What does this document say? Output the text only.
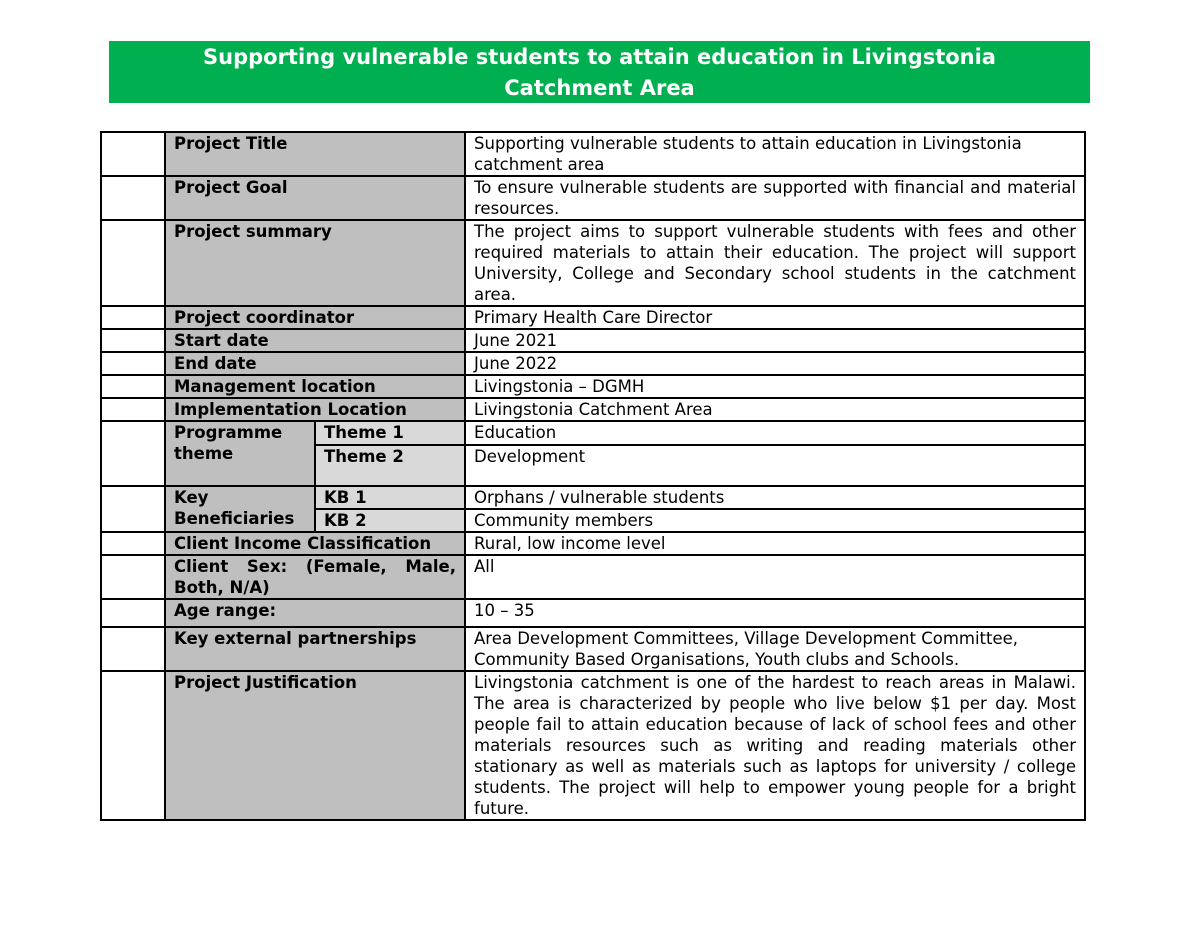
Supporting vulnerable students to attain education in Livingstonia
Catchment Area
	Project Title		Supporting vulnerable students to attain education in Livingstonia catchment area
	Project Goal		To ensure vulnerable students are supported with financial and material resources.
	Project summary		The project aims to support vulnerable students with fees and other required materials to attain their education. The project will support University, College and Secondary school students in the catchment area.
	Project coordinator		Primary Health Care Director
	Start date		June 2021
	End date		June 2022
	Management location		Livingstonia – DGMH
	Implementation Location		Livingstonia Catchment Area
	Programme theme	Theme 1	Education
		Theme 2	Development
	Key Beneficiaries	KB 1	Orphans / vulnerable students
		KB 2	Community members
	Client Income Classification		Rural, low income level
	Client Sex: (Female, Male, Both, N/A)		All
	Age range:		10 – 35
	Key external partnerships		Area Development Committees, Village Development Committee, Community Based Organisations, Youth clubs and Schools.
	Project Justification		Livingstonia catchment is one of the hardest to reach areas in Malawi. The area is characterized by people who live below $1 per day. Most people fail to attain education because of lack of school fees and other materials resources such as writing and reading materials other stationary as well as materials such as laptops for university / college students. The project will help to empower young people for a bright future.
